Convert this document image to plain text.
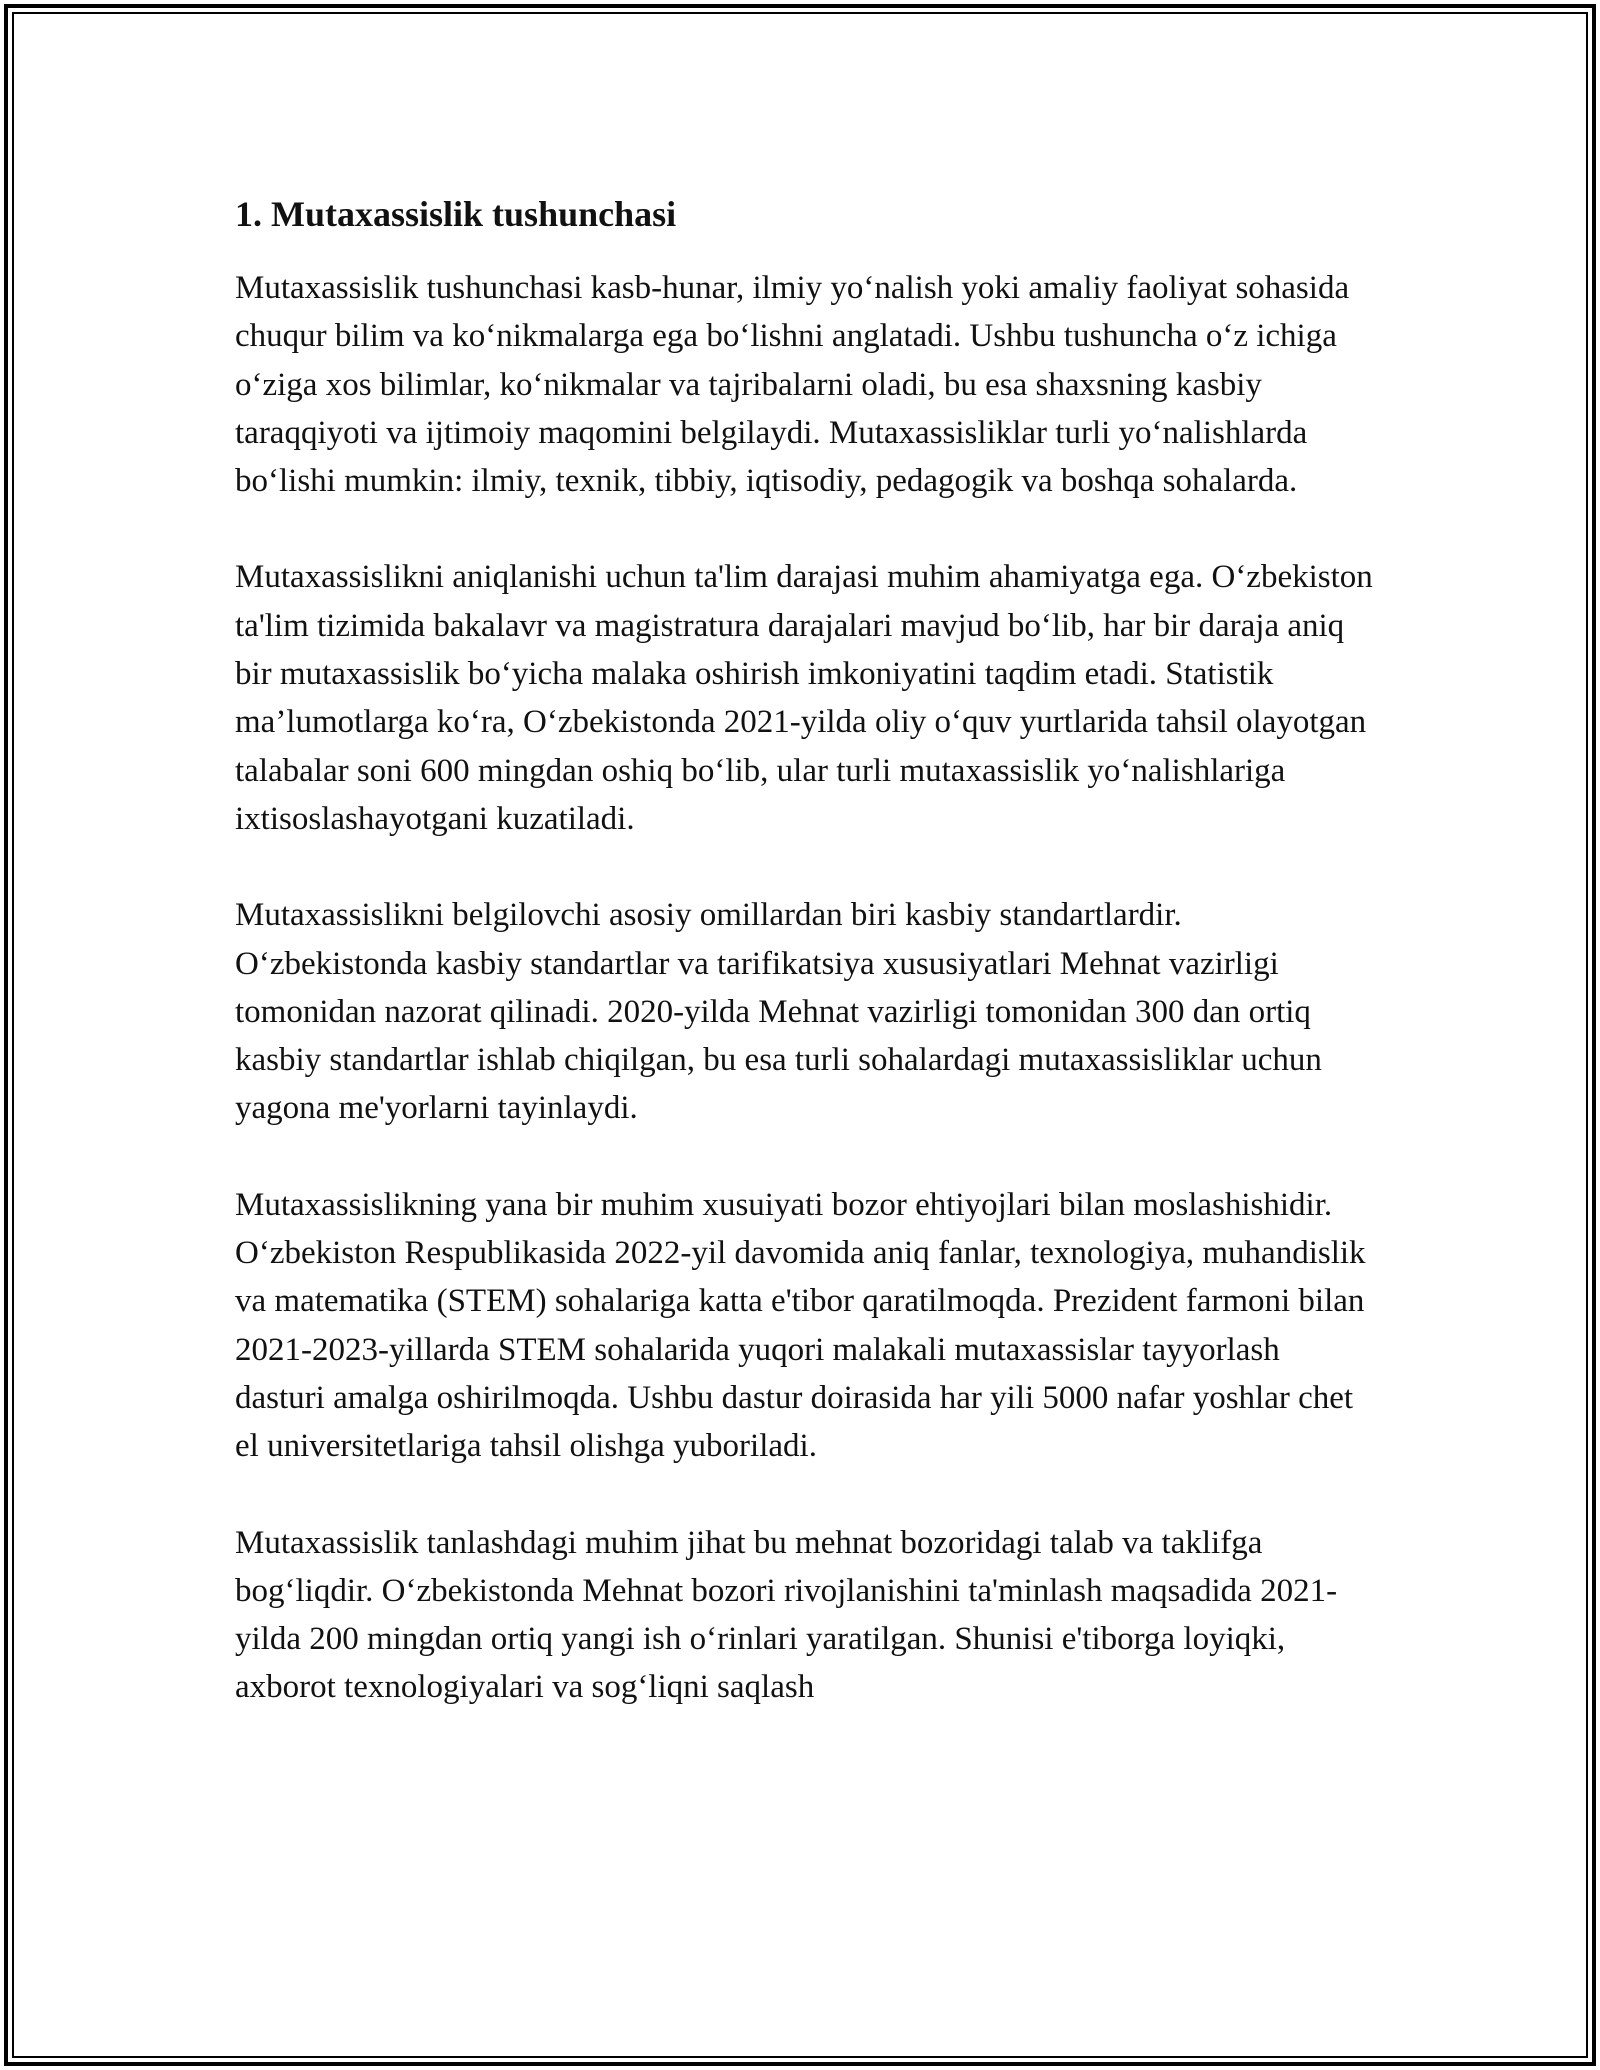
1. Mutaxassislik tushunchasi

Mutaxassislik tushunchasi kasb-hunar, ilmiy yo‘nalish yoki amaliy faoliyat sohasida chuqur bilim va ko‘nikmalarga ega bo‘lishni anglatadi. Ushbu tushuncha o‘z ichiga o‘ziga xos bilimlar, ko‘nikmalar va tajribalarni oladi, bu esa shaxsning kasbiy taraqqiyoti va ijtimoiy maqomini belgilaydi. Mutaxassisliklar turli yo‘nalishlarda bo‘lishi mumkin: ilmiy, texnik, tibbiy, iqtisodiy, pedagogik va boshqa sohalarda.

Mutaxassislikni aniqlanishi uchun ta'lim darajasi muhim ahamiyatga ega. O‘zbekiston ta'lim tizimida bakalavr va magistratura darajalari mavjud bo‘lib, har bir daraja aniq bir mutaxassislik bo‘yicha malaka oshirish imkoniyatini taqdim etadi. Statistik ma’lumotlarga ko‘ra, O‘zbekistonda 2021-yilda oliy o‘quv yurtlarida tahsil olayotgan talabalar soni 600 mingdan oshiq bo‘lib, ular turli mutaxassislik yo‘nalishlariga ixtisoslashayotgani kuzatiladi.

Mutaxassislikni belgilovchi asosiy omillardan biri kasbiy standartlardir. O‘zbekistonda kasbiy standartlar va tarifikatsiya xususiyatlari Mehnat vazirligi tomonidan nazorat qilinadi. 2020-yilda Mehnat vazirligi tomonidan 300 dan ortiq kasbiy standartlar ishlab chiqilgan, bu esa turli sohalardagi mutaxassisliklar uchun yagona me'yorlarni tayinlaydi.

Mutaxassislikning yana bir muhim xusuiyati bozor ehtiyojlari bilan moslashishidir. O‘zbekiston Respublikasida 2022-yil davomida aniq fanlar, texnologiya, muhandislik va matematika (STEM) sohalariga katta e'tibor qaratilmoqda. Prezident farmoni bilan 2021-2023-yillarda STEM sohalarida yuqori malakali mutaxassislar tayyorlash dasturi amalga oshirilmoqda. Ushbu dastur doirasida har yili 5000 nafar yoshlar chet el universitetlariga tahsil olishga yuboriladi.

Mutaxassislik tanlashdagi muhim jihat bu mehnat bozoridagi talab va taklifga bog‘liqdir. O‘zbekistonda Mehnat bozori rivojlanishini ta'minlash maqsadida 2021-yilda 200 mingdan ortiq yangi ish o‘rinlari yaratilgan. Shunisi e'tiborga loyiqki, axborot texnologiyalari va sog‘liqni saqlash
